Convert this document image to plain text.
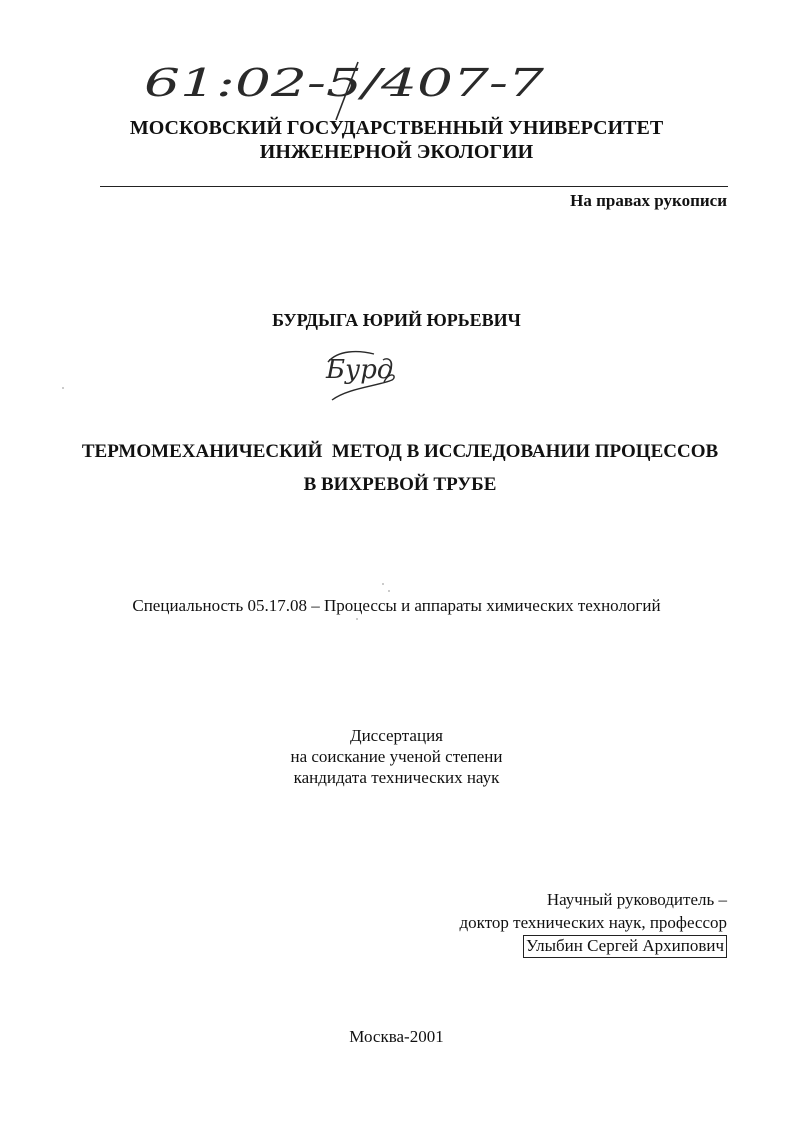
61:02-5/407-7
МОСКОВСКИЙ ГОСУДАРСТВЕННЫЙ УНИВЕРСИТЕТ
ИНЖЕНЕРНОЙ ЭКОЛОГИИ
На правах рукописи
БУРДЫГА ЮРИЙ ЮРЬЕВИЧ
Бурд
ТЕРМОМЕХАНИЧЕСКИЙ  МЕТОД В ИССЛЕДОВАНИИ ПРОЦЕССОВ
В ВИХРЕВОЙ ТРУБЕ
Специальность 05.17.08 – Процессы и аппараты химических технологий
Диссертация
на соискание ученой степени
кандидата технических наук
Научный руководитель –
доктор технических наук, профессор
Улыбин Сергей Архипович
Москва-2001
